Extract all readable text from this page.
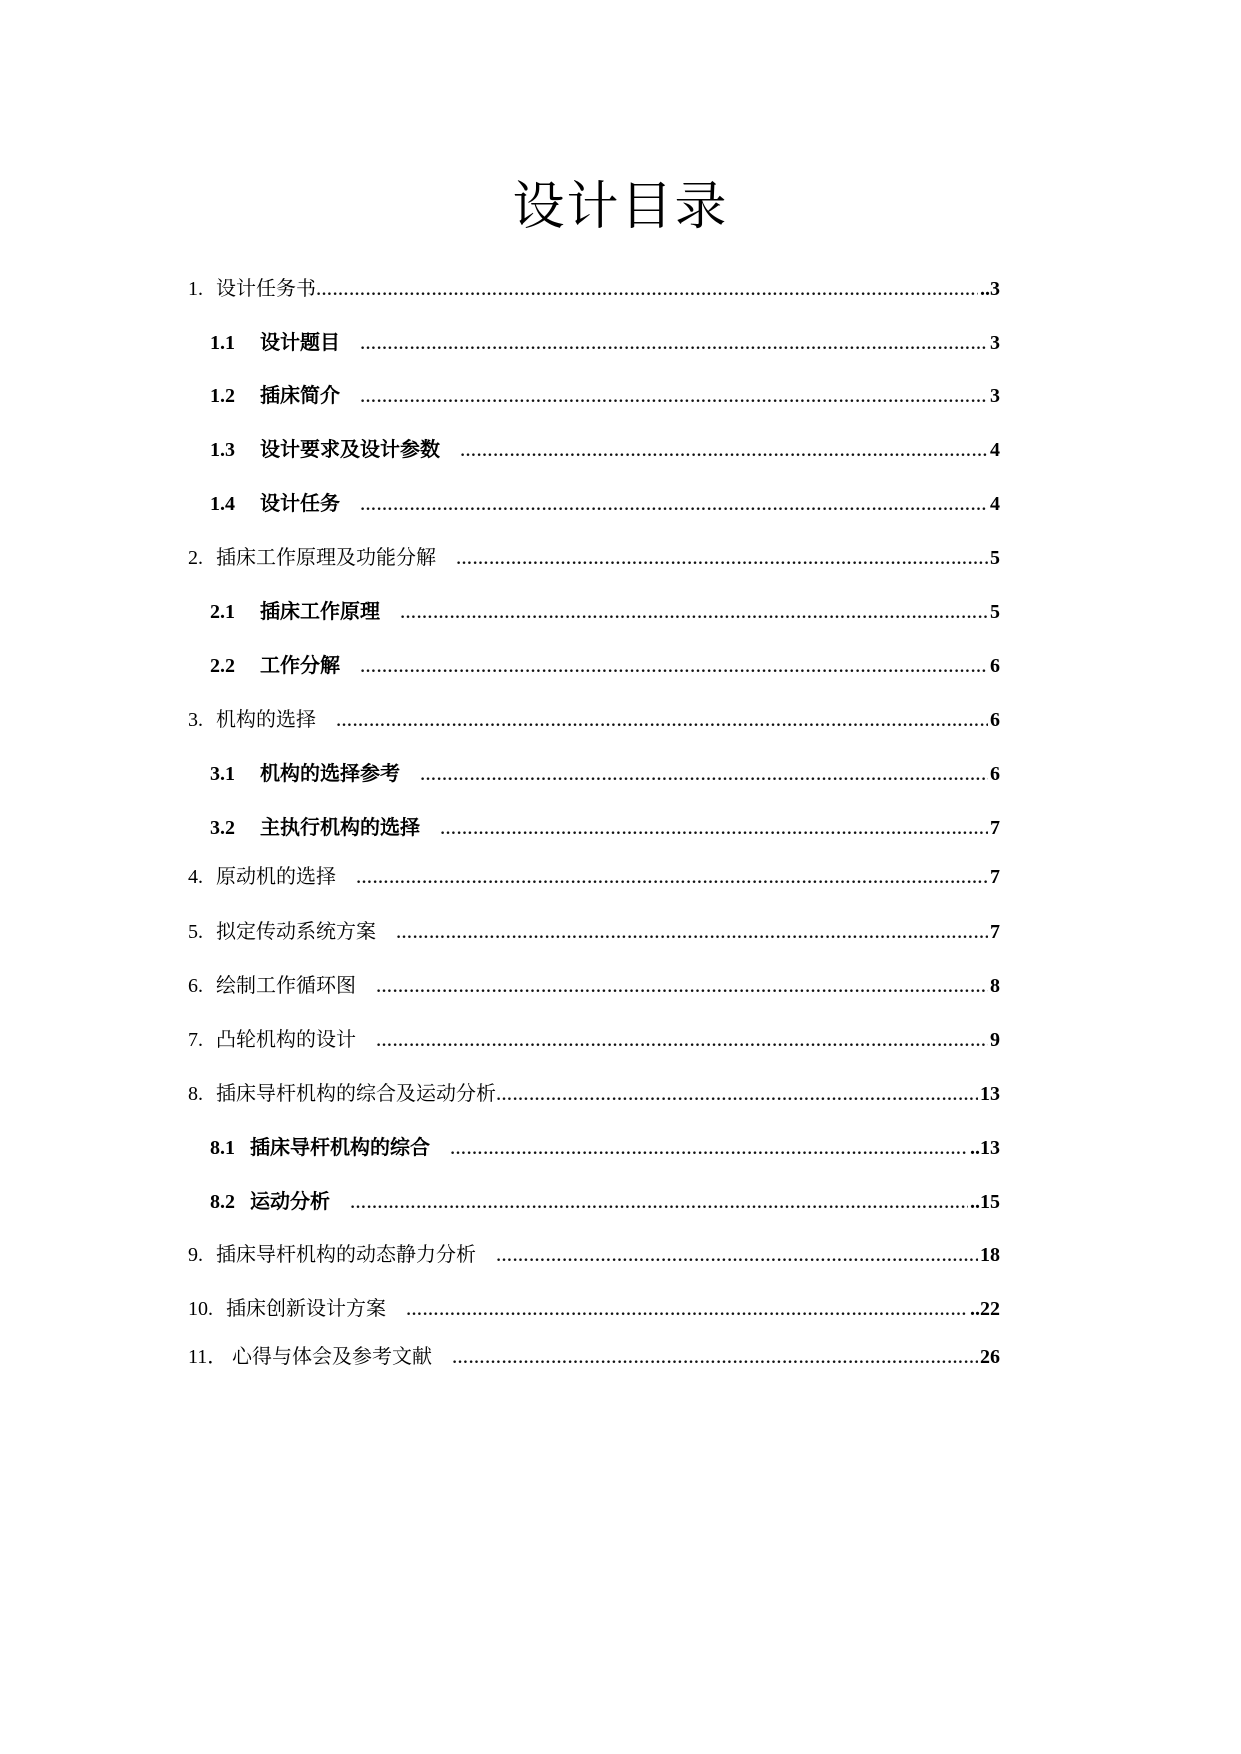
设计目录
1. 设计任务书 ……………………………………………………………………………………………………………………………………………………………………………………………………………	..3
1.1	设计题目 ……………………………………………………………………………………………………………………………………………………………………………………………………………	3
1.2	插床简介 ……………………………………………………………………………………………………………………………………………………………………………………………………………	3
1.3	设计要求及设计参数 ……………………………………………………………………………………………………………………………………………………………………………………………………………	4
1.4	设计任务 ……………………………………………………………………………………………………………………………………………………………………………………………………………	4
2. 插床工作原理及功能分解 ……………………………………………………………………………………………………………………………………………………………………………………………………………	5
2.1	插床工作原理 ……………………………………………………………………………………………………………………………………………………………………………………………………………	5
2.2	工作分解 ……………………………………………………………………………………………………………………………………………………………………………………………………………	6
3. 机构的选择 ……………………………………………………………………………………………………………………………………………………………………………………………………………	6
3.1	机构的选择参考 ……………………………………………………………………………………………………………………………………………………………………………………………………………	6
3.2	主执行机构的选择 ……………………………………………………………………………………………………………………………………………………………………………………………………………	7
4. 原动机的选择 ……………………………………………………………………………………………………………………………………………………………………………………………………………	7
5. 拟定传动系统方案 ……………………………………………………………………………………………………………………………………………………………………………………………………………	7
6. 绘制工作循环图 ……………………………………………………………………………………………………………………………………………………………………………………………………………	8
7. 凸轮机构的设计 ……………………………………………………………………………………………………………………………………………………………………………………………………………	9
8. 插床导杆机构的综合及运动分析 ……………………………………………………………………………………………………………………………………………………………………………………………………………	13
8.1 插床导杆机构的综合 ……………………………………………………………………………………………………………………………………………………………………………………………………………	..13
8.2 运动分析 ……………………………………………………………………………………………………………………………………………………………………………………………………………	..15
9. 插床导杆机构的动态静力分析 ……………………………………………………………………………………………………………………………………………………………………………………………………………	18
10. 插床创新设计方案 ……………………………………………………………………………………………………………………………………………………………………………………………………………	..22
11． 心得与体会及参考文献 ……………………………………………………………………………………………………………………………………………………………………………………………………………	26
